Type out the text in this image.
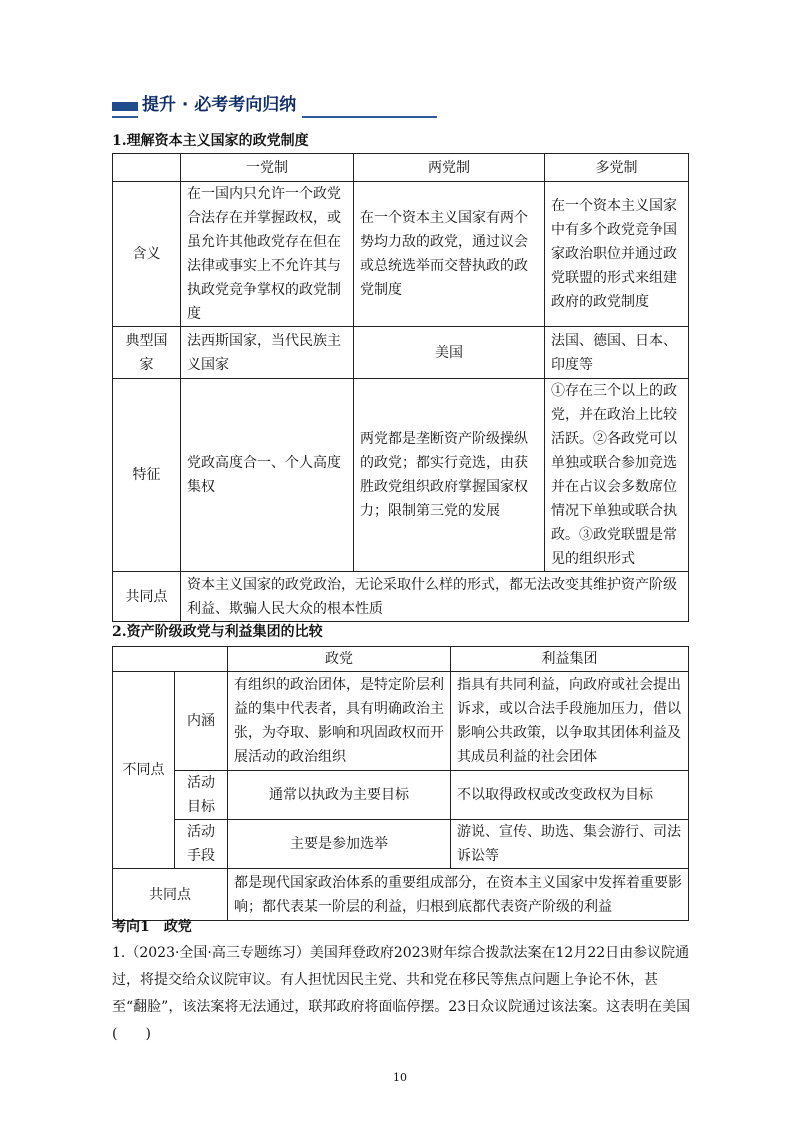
提升 · 必考考向归纳
1.理解资本主义国家的政党制度
	一党制	两党制	多党制
含义	在一国内只允许一个政党合法存在并掌握政权，或虽允许其他政党存在但在法律或事实上不允许其与执政党竞争掌权的政党制度	在一个资本主义国家有两个势均力敌的政党，通过议会或总统选举而交替执政的政党制度	在一个资本主义国家中有多个政党竞争国家政治职位并通过政党联盟的形式来组建政府的政党制度
典型国家	法西斯国家，当代民族主义国家	美国	法国、德国、日本、印度等
特征	党政高度合一、个人高度集权	两党都是垄断资产阶级操纵的政党；都实行竞选，由获胜政党组织政府掌握国家权力；限制第三党的发展	①存在三个以上的政党，并在政治上比较活跃。②各政党可以单独或联合参加竞选并在占议会多数席位情况下单独或联合执政。③政党联盟是常见的组织形式
共同点	资本主义国家的政党政治，无论采取什么样的形式，都无法改变其维护资产阶级利益、欺骗人民大众的根本性质		
2.资产阶级政党与利益集团的比较
		政党	利益集团
不同点	内涵	有组织的政治团体，是特定阶层利益的集中代表者，具有明确政治主张，为夺取、影响和巩固政权而开展活动的政治组织	指具有共同利益，向政府或社会提出诉求，或以合法手段施加压力，借以影响公共政策，以争取其团体利益及其成员利益的社会团体
	活动目标	通常以执政为主要目标	不以取得政权或改变政权为目标
	活动手段	主要是参加选举	游说、宣传、助选、集会游行、司法诉讼等
共同点		都是现代国家政治体系的重要组成部分，在资本主义国家中发挥着重要影响；都代表某一阶层的利益，归根到底都代表资产阶级的利益	
考向1　政党
1.（2023·全国·高三专题练习）美国拜登政府2023财年综合拨款法案在12月22日由参议院通过，将提交给众议院审议。有人担忧因民主党、共和党在移民等焦点问题上争论不休，甚至“翻脸”，该法案将无法通过，联邦政府将面临停摆。23日众议院通过该法案。这表明在美国(　　)
10
